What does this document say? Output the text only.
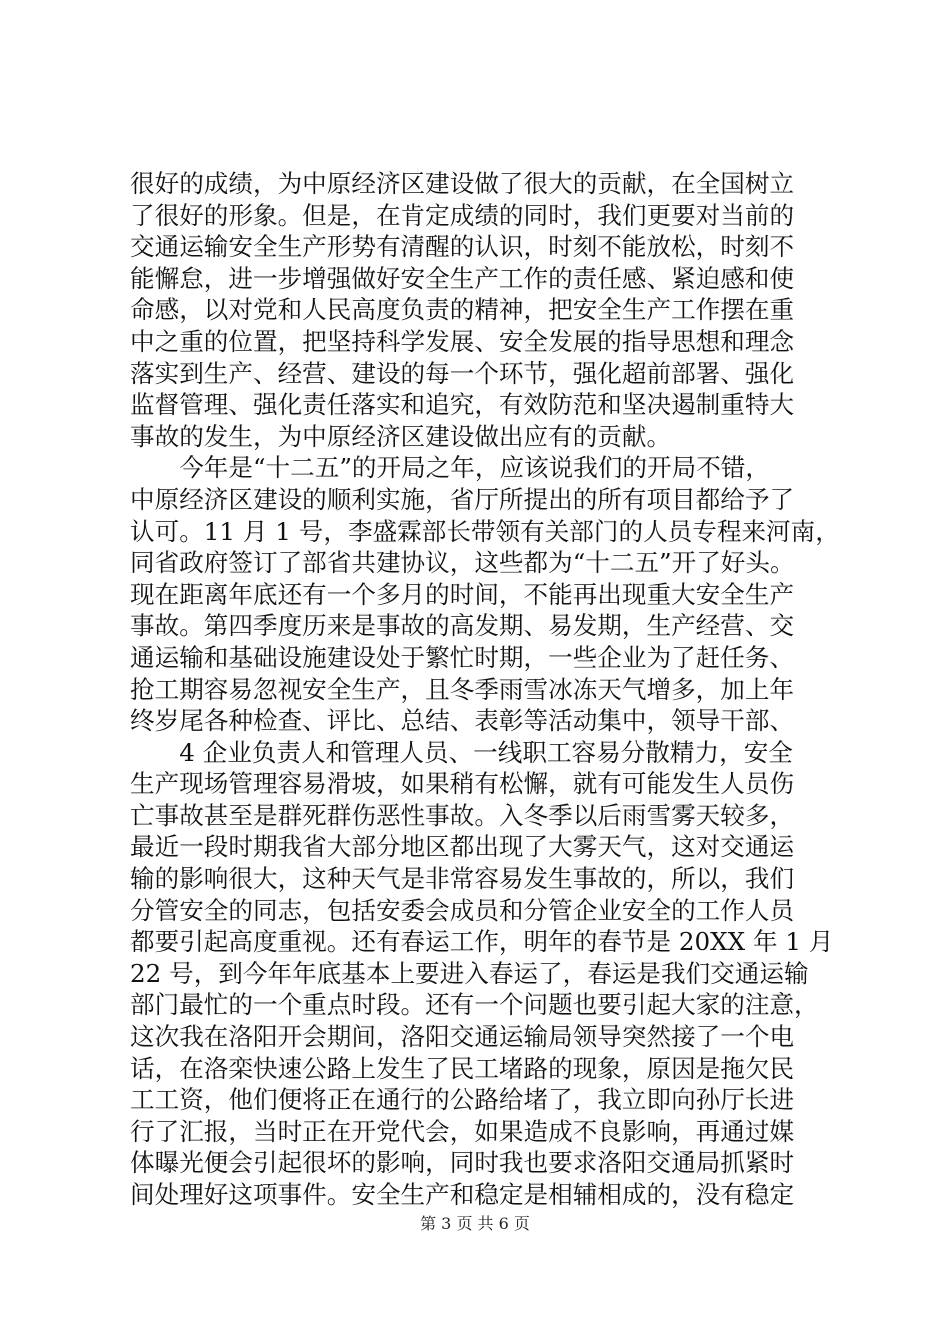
很好的成绩，为中原经济区建设做了很大的贡献，在全国树立
了很好的形象。但是，在肯定成绩的同时，我们更要对当前的
交通运输安全生产形势有清醒的认识，时刻不能放松，时刻不
能懈怠，进一步增强做好安全生产工作的责任感、紧迫感和使
命感，以对党和人民高度负责的精神，把安全生产工作摆在重
中之重的位置，把坚持科学发展、安全发展的指导思想和理念
落实到生产、经营、建设的每一个环节，强化超前部署、强化
监督管理、强化责任落实和追究，有效防范和坚决遏制重特大
事故的发生，为中原经济区建设做出应有的贡献。
　　今年是“十二五”的开局之年，应该说我们的开局不错，
中原经济区建设的顺利实施，省厅所提出的所有项目都给予了
认可。11 月 1 号，李盛霖部长带领有关部门的人员专程来河南，
同省政府签订了部省共建协议，这些都为“十二五”开了好头。
现在距离年底还有一个多月的时间，不能再出现重大安全生产
事故。第四季度历来是事故的高发期、易发期，生产经营、交
通运输和基础设施建设处于繁忙时期，一些企业为了赶任务、
抢工期容易忽视安全生产，且冬季雨雪冰冻天气增多，加上年
终岁尾各种检查、评比、总结、表彰等活动集中，领导干部、
　　4 企业负责人和管理人员、一线职工容易分散精力，安全
生产现场管理容易滑坡，如果稍有松懈，就有可能发生人员伤
亡事故甚至是群死群伤恶性事故。入冬季以后雨雪雾天较多，
最近一段时期我省大部分地区都出现了大雾天气，这对交通运
输的影响很大，这种天气是非常容易发生事故的，所以，我们
分管安全的同志，包括安委会成员和分管企业安全的工作人员
都要引起高度重视。还有春运工作，明年的春节是 20XX 年 1 月
22 号，到今年年底基本上要进入春运了，春运是我们交通运输
部门最忙的一个重点时段。还有一个问题也要引起大家的注意，
这次我在洛阳开会期间，洛阳交通运输局领导突然接了一个电
话，在洛栾快速公路上发生了民工堵路的现象，原因是拖欠民
工工资，他们便将正在通行的公路给堵了，我立即向孙厅长进
行了汇报，当时正在开党代会，如果造成不良影响，再通过媒
体曝光便会引起很坏的影响，同时我也要求洛阳交通局抓紧时
间处理好这项事件。安全生产和稳定是相辅相成的，没有稳定
第 3 页 共 6 页
